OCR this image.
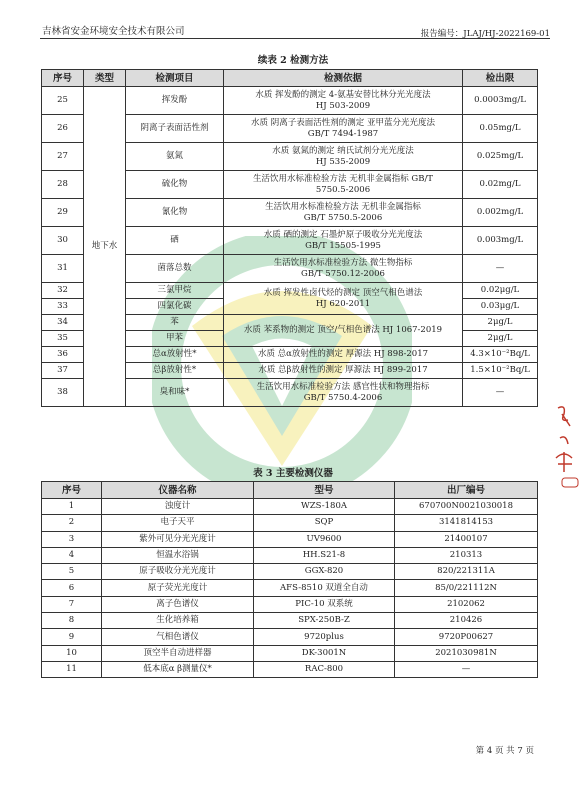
吉林省安金环境安全技术有限公司	报告编号：JLAJ/HJ-2022169-01
续表 2 检测方法
序号	类型	检测项目	检测依据	检出限
25	地下水	挥发酚	水质 挥发酚的测定 4-氨基安替比林分光光度法
HJ 503-2009	0.0003mg/L
26		阴离子表面活性剂	水质 阴离子表面活性剂的测定 亚甲蓝分光光度法
GB/T 7494-1987	0.05mg/L
27		氨氮	水质 氨氮的测定 纳氏试剂分光光度法
HJ 535-2009	0.025mg/L
28		硫化物	生活饮用水标准检验方法 无机非金属指标 GB/T
5750.5-2006	0.02mg/L
29		氰化物	生活饮用水标准检验方法 无机非金属指标
GB/T 5750.5-2006	0.002mg/L
30		硒	水质 硒的测定 石墨炉原子吸收分光光度法
GB/T 15505-1995	0.003mg/L
31		菌落总数	生活饮用水标准检验方法 微生物指标
GB/T 5750.12-2006	—
32		三氯甲烷	水质 挥发性卤代烃的测定 顶空气相色谱法
HJ 620-2011	0.02μg/L
33		四氯化碳		0.03μg/L
34		苯	水质 苯系物的测定 顶空/气相色谱法 HJ 1067-2019	2μg/L
35		甲苯		2μg/L
36		总α放射性*	水质 总α放射性的测定 厚源法 HJ 898-2017	4.3×10⁻²Bq/L
37		总β放射性*	水质 总β放射性的测定 厚源法 HJ 899-2017	1.5×10⁻²Bq/L
38		臭和味*	生活饮用水标准检验方法 感官性状和物理指标
GB/T 5750.4-2006	—
表 3 主要检测仪器
序号	仪器名称	型号	出厂编号
1	浊度计	WZS-180A	670700N0021030018
2	电子天平	SQP	3141814153
3	紫外可见分光光度计	UV9600	21400107
4	恒温水浴锅	HH.S21-8	210313
5	原子吸收分光光度计	GGX-820	820/221311A
6	原子荧光光度计	AFS-8510 双道全自动	85/0/221112N
7	离子色谱仪	PIC-10 双系统	2102062
8	生化培养箱	SPX-250B-Z	210426
9	气相色谱仪	9720plus	9720P00627
10	顶空半自动进样器	DK-3001N	2021030981N
11	低本底α β测量仪*	RAC-800	—
第 4 页 共 7 页
